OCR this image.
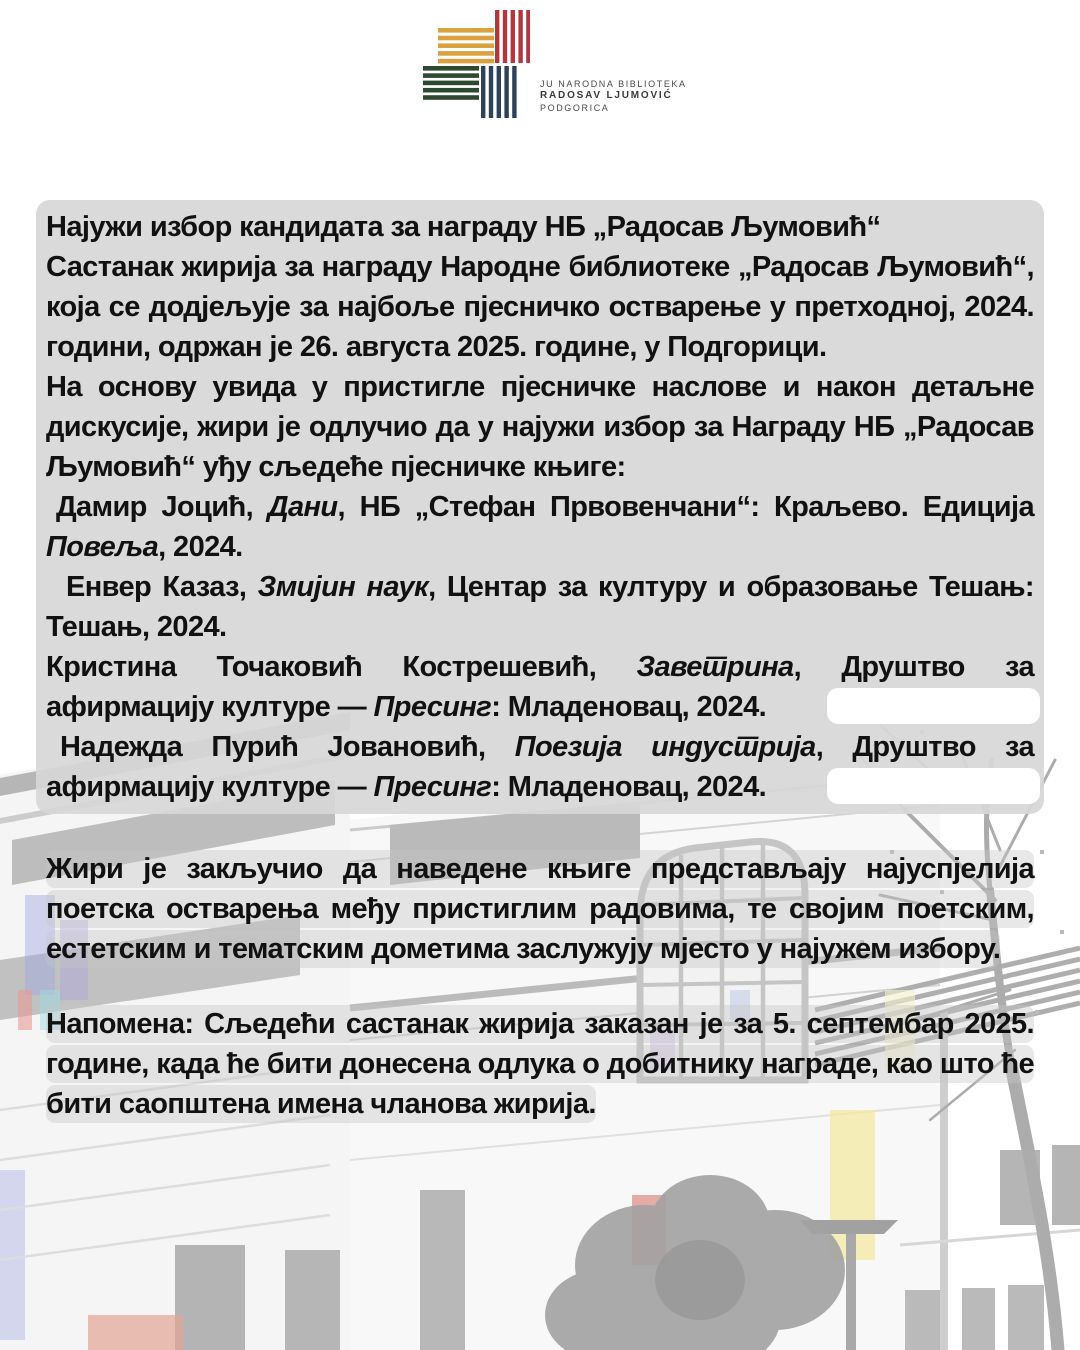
JU NARODNA BIBLIOTEKA
RADOSAV LJUMOVIĆ
PODGORICA

Најужи избор кандидата за награду НБ „Радосав Љумовић“

Састанак жирија за награду Народне библиотеке „Радосав Љумовић“, која се додјељује за најбоље пјесничко остварење у претходној, 2024. години, одржан је 26. августа 2025. године, у Подгорици.

На основу увида у пристигле пјесничке наслове и након детаљне дискусије, жири је одлучио да у најужи избор за Награду НБ „Радосав Љумовић“ уђу сљедеће пјесничке књиге:

Дамир Јоцић, Дани, НБ „Стефан Првовенчани“: Краљево. Едиција Повеља, 2024.

Енвер Казаз, Змијин наук, Центар за културу и образовање Тешањ: Тешањ, 2024.

Кристина Точаковић Кострешевић, Заветрина, Друштво за афирмацију културе — Пресинг: Младеновац, 2024.

Надежда Пурић Јовановић, Поезија индустрија, Друштво за афирмацију културе — Пресинг: Младеновац, 2024.

Жири је закључио да наведене књиге представљају најуспјелија поетска остварења међу пристиглим радовима, те својим поетским, естетским и тематским дометима заслужују мјесто у најужем избору.

Напомена: Сљедећи састанак жирија заказан је за 5. септембар 2025. године, када ће бити донесена одлука о добитнику награде, као што ће бити саопштена имена чланова жирија.
